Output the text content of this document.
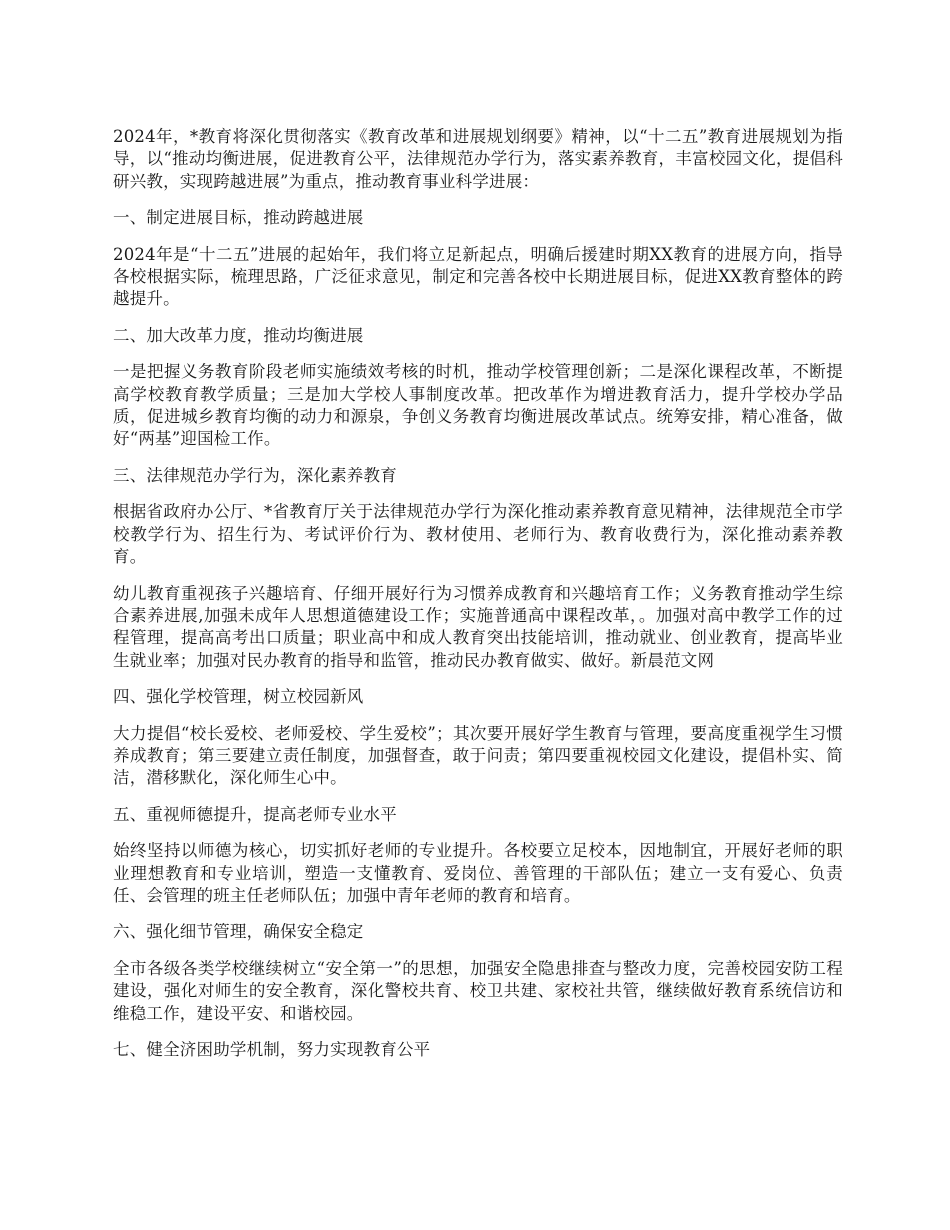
2024年，*教育将深化贯彻落实《教育改革和进展规划纲要》精神，以“十二五”教育进展规划为指导，以“推动均衡进展，促进教育公平，法律规范办学行为，落实素养教育，丰富校园文化，提倡科研兴教，实现跨越进展”为重点，推动教育事业科学进展：

一、制定进展目标，推动跨越进展

2024年是“十二五”进展的起始年，我们将立足新起点，明确后援建时期XX教育的进展方向，指导各校根据实际，梳理思路，广泛征求意见，制定和完善各校中长期进展目标，促进XX教育整体的跨越提升。

二、加大改革力度，推动均衡进展

一是把握义务教育阶段老师实施绩效考核的时机，推动学校管理创新；二是深化课程改革，不断提高学校教育教学质量；三是加大学校人事制度改革。把改革作为增进教育活力，提升学校办学品质，促进城乡教育均衡的动力和源泉，争创义务教育均衡进展改革试点。统筹安排，精心准备，做好“两基”迎国检工作。

三、法律规范办学行为，深化素养教育

根据省政府办公厅、*省教育厅关于法律规范办学行为深化推动素养教育意见精神，法律规范全市学校教学行为、招生行为、考试评价行为、教材使用、老师行为、教育收费行为，深化推动素养教育。

幼儿教育重视孩子兴趣培育、仔细开展好行为习惯养成教育和兴趣培育工作；义务教育推动学生综合素养进展,加强未成年人思想道德建设工作；实施普通高中课程改革，。加强对高中教学工作的过程管理，提高高考出口质量；职业高中和成人教育突出技能培训，推动就业、创业教育，提高毕业生就业率；加强对民办教育的指导和监管，推动民办教育做实、做好。新晨范文网

四、强化学校管理，树立校园新风

大力提倡“校长爱校、老师爱校、学生爱校”；其次要开展好学生教育与管理，要高度重视学生习惯养成教育；第三要建立责任制度，加强督查，敢于问责；第四要重视校园文化建设，提倡朴实、简洁，潜移默化，深化师生心中。

五、重视师德提升，提高老师专业水平

始终坚持以师德为核心，切实抓好老师的专业提升。各校要立足校本，因地制宜，开展好老师的职业理想教育和专业培训，塑造一支懂教育、爱岗位、善管理的干部队伍；建立一支有爱心、负责任、会管理的班主任老师队伍；加强中青年老师的教育和培育。

六、强化细节管理，确保安全稳定

全市各级各类学校继续树立“安全第一”的思想，加强安全隐患排查与整改力度，完善校园安防工程建设，强化对师生的安全教育，深化警校共育、校卫共建、家校社共管，继续做好教育系统信访和维稳工作，建设平安、和谐校园。

七、健全济困助学机制，努力实现教育公平
